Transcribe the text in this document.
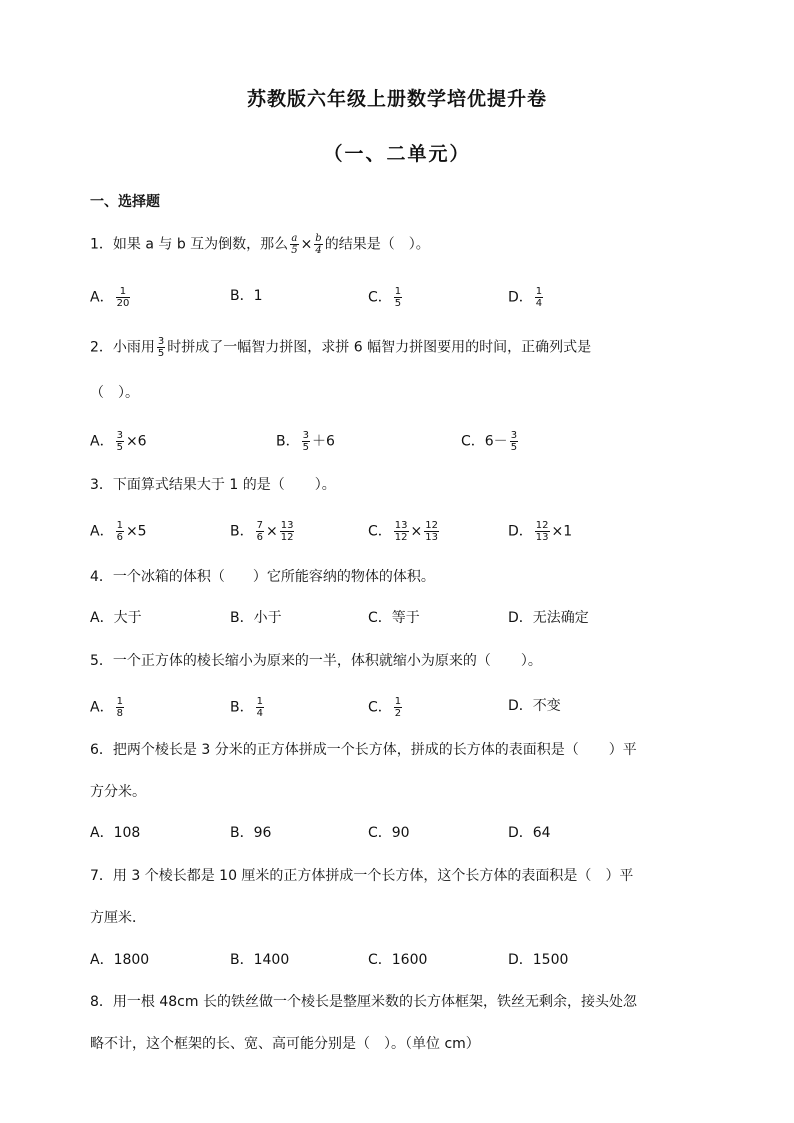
苏教版六年级上册数学培优提升卷
（一、二单元）
一、选择题
1．如果 a 与 b 互为倒数，那么 $\frac{a}{5} \times \frac{b}{4}$ 的结果是（ ）。
A． $\frac{1}{20}$	B．1	C． $\frac{1}{5}$	D． $\frac{1}{4}$
2．小雨用 $\frac{3}{5}$ 时拼成了一幅智力拼图，求拼 6 幅智力拼图要用的时间，正确列式是
（ ）。
A． $\frac{3}{5} \times 6$	B． $\frac{3}{5} +6$	C．$6- \frac{3}{5}$
3．下面算式结果大于 1 的是（ ）。
A． $\frac{1}{6} \times 5$	B． $\frac{7}{6} \times \frac{13}{12}$	C． $\frac{13}{12} \times \frac{12}{13}$	D． $\frac{12}{13} \times 1$
4．一个冰箱的体积（　　）它所能容纳的物体的体积。
A．大于	B．小于	C．等于	D．无法确定
5．一个正方体的棱长缩小为原来的一半，体积就缩小为原来的（ ）。
A． $\frac{1}{8}$	B． $\frac{1}{4}$	C． $\frac{1}{2}$	D．不变
6．把两个棱长是 3 分米的正方体拼成一个长方体，拼成的长方体的表面积是（ ）平
方分米。
A．108	B．96	C．90	D．64
7．用 3 个棱长都是 10 厘米的正方体拼成一个长方体，这个长方体的表面积是（ ）平
方厘米．
A．1800	B．1400	C．1600	D．1500
8．用一根 48cm 长的铁丝做一个棱长是整厘米数的长方体框架，铁丝无剩余，接头处忽
略不计，这个框架的长、宽、高可能分别是（ ）。（单位 cm）
